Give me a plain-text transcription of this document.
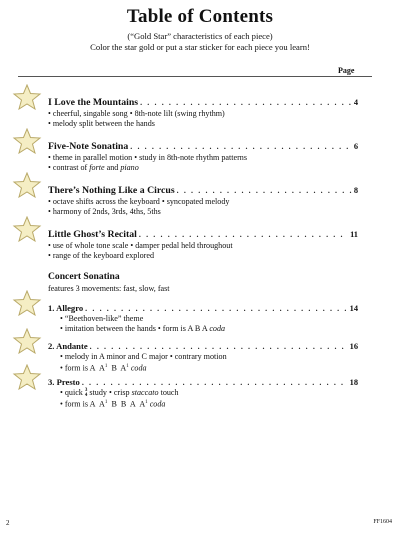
Table of Contents
(“Gold Star” characteristics of each piece)
Color the star gold or put a star sticker for each piece you learn!
Page
I Love the Mountains . . .	4
• cheerful, singable song • 8th-note lilt (swing rhythm)
• melody split between the hands
Five-Note Sonatina . . .	6
• theme in parallel motion • study in 8th-note rhythm patterns
• contrast of forte and piano
There’s Nothing Like a Circus . . .	8
• octave shifts across the keyboard • syncopated melody
• harmony of 2nds, 3rds, 4ths, 5ths
Little Ghost’s Recital . . .	11
• use of whole tone scale • damper pedal held throughout
• range of the keyboard explored
Concert Sonatina
features 3 movements: fast, slow, fast
1. Allegro . . .	14
• “Beethoven-like” theme
• imitation between the hands • form is A B A coda
2. Andante . . .	16
• melody in A minor and C major • contrary motion
• form is A  $A^1$  B  $A^1$ coda
3. Presto . . .	18
• quick 3
4 study • crisp staccato touch
• form is A  $A^1$  B  B  A  $A^1$ coda
2	FF1604
